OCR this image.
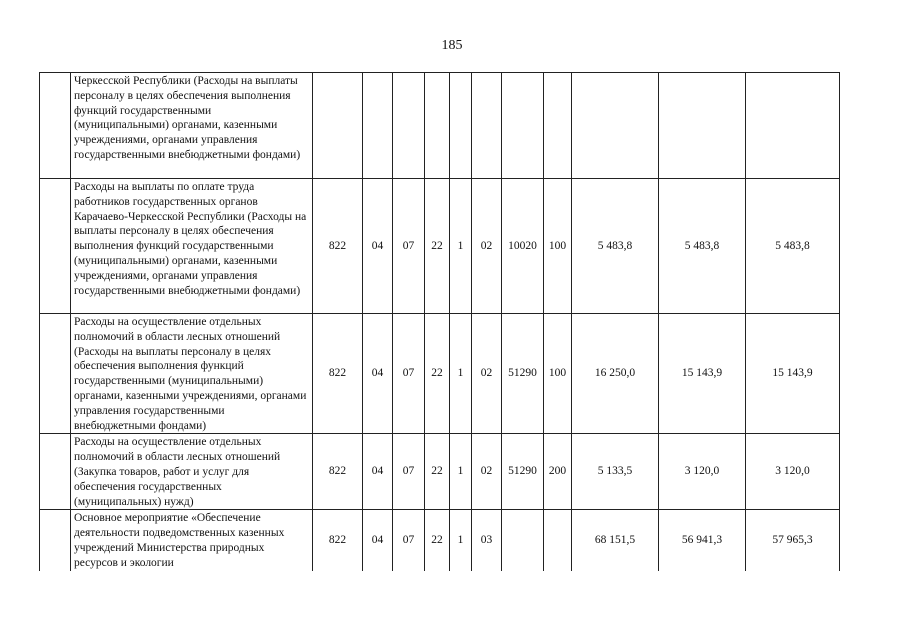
185
	Черкесской Республики (Расходы на выплаты персоналу в целях обеспечения выполнения функций государственными (муниципальными) органами, казенными учреждениями, органами управления государственными внебюджетными фондами)											
	Расходы на выплаты по оплате труда работников государственных органов Карачаево-Черкесской Республики (Расходы на выплаты персоналу в целях обеспечения выполнения функций государственными (муниципальными) органами, казенными учреждениями, органами управления государственными внебюджетными фондами)	822	04	07	22	1	02	10020	100	5 483,8	5 483,8	5 483,8
	Расходы на осуществление отдельных полномочий в области лесных отношений (Расходы на выплаты персоналу в целях обеспечения выполнения функций государственными (муниципальными) органами, казенными учреждениями, органами управления государственными внебюджетными фондами)	822	04	07	22	1	02	51290	100	16 250,0	15 143,9	15 143,9
	Расходы на осуществление отдельных полномочий в области лесных отношений (Закупка товаров, работ и услуг для обеспечения государственных (муниципальных) нужд)	822	04	07	22	1	02	51290	200	5 133,5	3 120,0	3 120,0
	Основное мероприятие «Обеспечение деятельности подведомственных казенных учреждений Министерства природных ресурсов и экологии	822	04	07	22	1	03			68 151,5	56 941,3	57 965,3
